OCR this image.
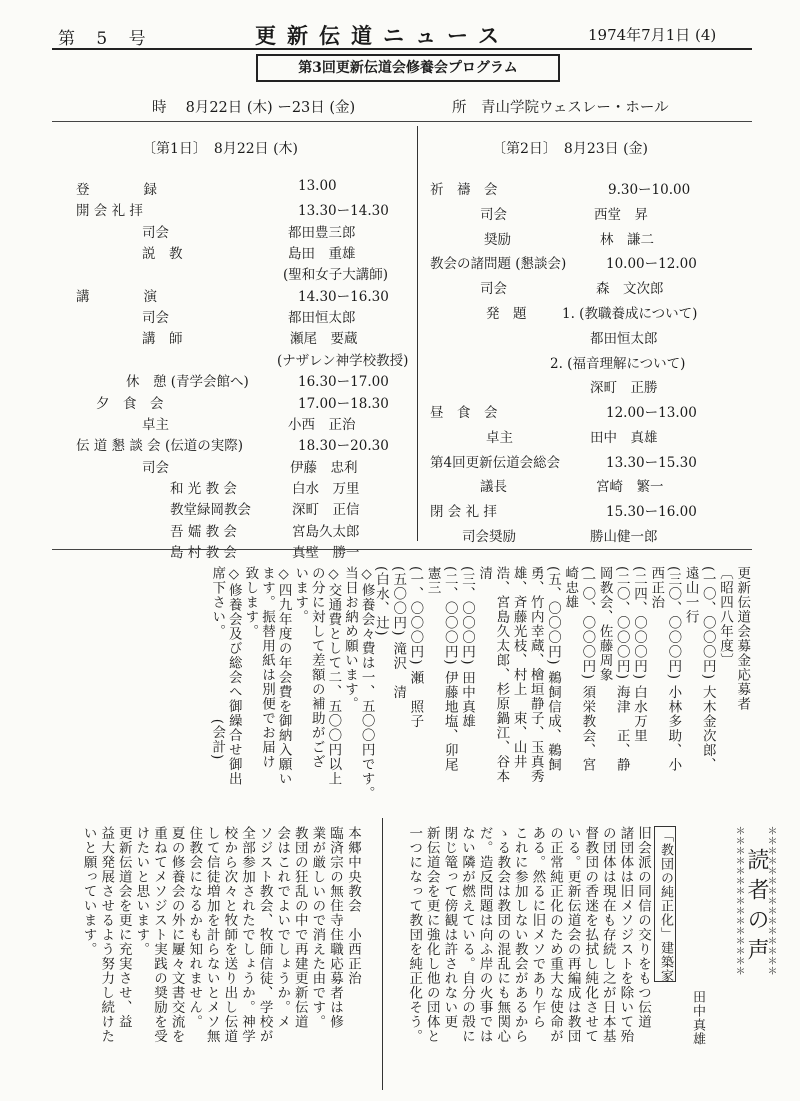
第 5 号	更新伝道ニュース	1974年7月1日 (4)
第3回更新伝道会修養会プログラム
時　 8月22日 (木) ー23日 (金)	所　青山学院ウェスレー・ホール
〔第1日〕　8月22日 (木)
登　　　　録	13.00
開 会 礼 拝	13.30ー14.30
司会	都田豊三郎
説　教	島田　重雄
(聖和女子大講師)
講　　　　演	14.30ー16.30
司会	都田恒太郎
講　師	瀬尾　要蔵
(ナザレン神学校教授)
休　憩 (青学会館へ)	16.30ー17.00
夕　食　会	17.00ー18.30
卓主	小西　正治
伝 道 懇 談 会 (伝道の実際)	18.30ー20.30
司会	伊藤　忠利
和 光 教 会	白水　万里
教堂緑岡教会	深町　正信
吾 嬬 教 会	宮島久太郎
島 村 教 会	真壁　勝一
〔第2日〕　8月23日 (金)
祈　禱　会	9.30ー10.00
司会	西堂　昇
奨励	林　謙二
教会の諸問題 (懇談会)	10.00ー12.00
司会	森　文次郎
発　題	1. (教職養成について)
都田恒太郎
2. (福音理解について)
深町　正勝
昼　食　会	12.00ー13.00
卓主	田中　真雄
第4回更新伝道会総会	13.30ー15.30
議長	宮崎　繁一
閉 会 礼 拝	15.30ー16.00
司会奨励	勝山健一郎
更新伝道会募金応募者
〔昭四八年度〕
(一〇、〇〇〇円) 大木金次郎、
遠山一行
(三〇、〇〇〇円) 小林多助、小
西正治
(二四、〇〇〇円) 白水万里
(二〇、〇〇〇円) 海津　正、静
岡教会、佐藤周象
(一〇、〇〇〇円) 須栄教会、宮
崎忠雄
(五、〇〇〇円) 鵜飼信成、鵜飼
勇、竹内幸蔵、檜垣静子、玉真秀
雄、斉藤光枝、村上　束、山井
浩、宮島久太郎、杉原鍋江、谷本
清
(三、〇〇〇円) 田中真雄
(二、〇〇〇円) 伊藤地塩、卯尾
憲三
(一、〇〇〇円) 瀬　照子
(五〇〇円) 滝沢　清
(白水、辻)
◇修養会々費は一、五〇〇円です。
当日お納め願います。
◇交通費として二、五〇〇円以上
の分に対して差額の補助がござ
います。
◇四九年度の年会費を御納入願い
ます。振替用紙は別便でお届け
致します。
◇修養会及び総会へ御繰合せ御出
席下さい。　　　　　　(会計)
＊＊＊＊＊＊＊＊＊＊＊＊＊＊＊
＊＊＊＊＊＊＊＊＊＊＊＊＊＊＊ 読者の声
「教団の純正化」建築家
田中真雄
旧会派の同信の交りをもつ伝道
諸団体は旧メソジストを除いて殆
の団体は現在も存続し之が日本基
督教団の香迷を払拭し純化させて
いる。更新伝道会の再編成は教団
の正常純正化のため重大な使命が
ある。然るに旧メソであり乍ら
これに参加しない教会があるから
ゝる教会は教団の混乱にも無関心
だ。造反問題は向ふ岸の火事では
ない隣が燃えている。自分の殻に
閉じ篭って傍観は許されない更
新伝道会を更に強化し他の団体と
一つになって教団を純正化そう。
本郷中央教会　小西正治
臨済宗の無住寺住職応募者は修
業が厳しいので消えた由です。
教団の狂乱の中で再建更新伝道
会はこれでよいでしょうか。メ
ソジスト教会、牧師信徒、学校が
全部参加されたでしょうか。神学
校から次々と牧師を送り出し伝道
して信徒増加を計らないとメソ無
住教会になるかも知れません。
夏の修養会の外に屢々文書交流を
重ねてメソジスト実践の奨励を受
けたいと思います。
更新伝道会を更に充実させ、益
益大発展させるよう努力し続けた
いと願っています。
